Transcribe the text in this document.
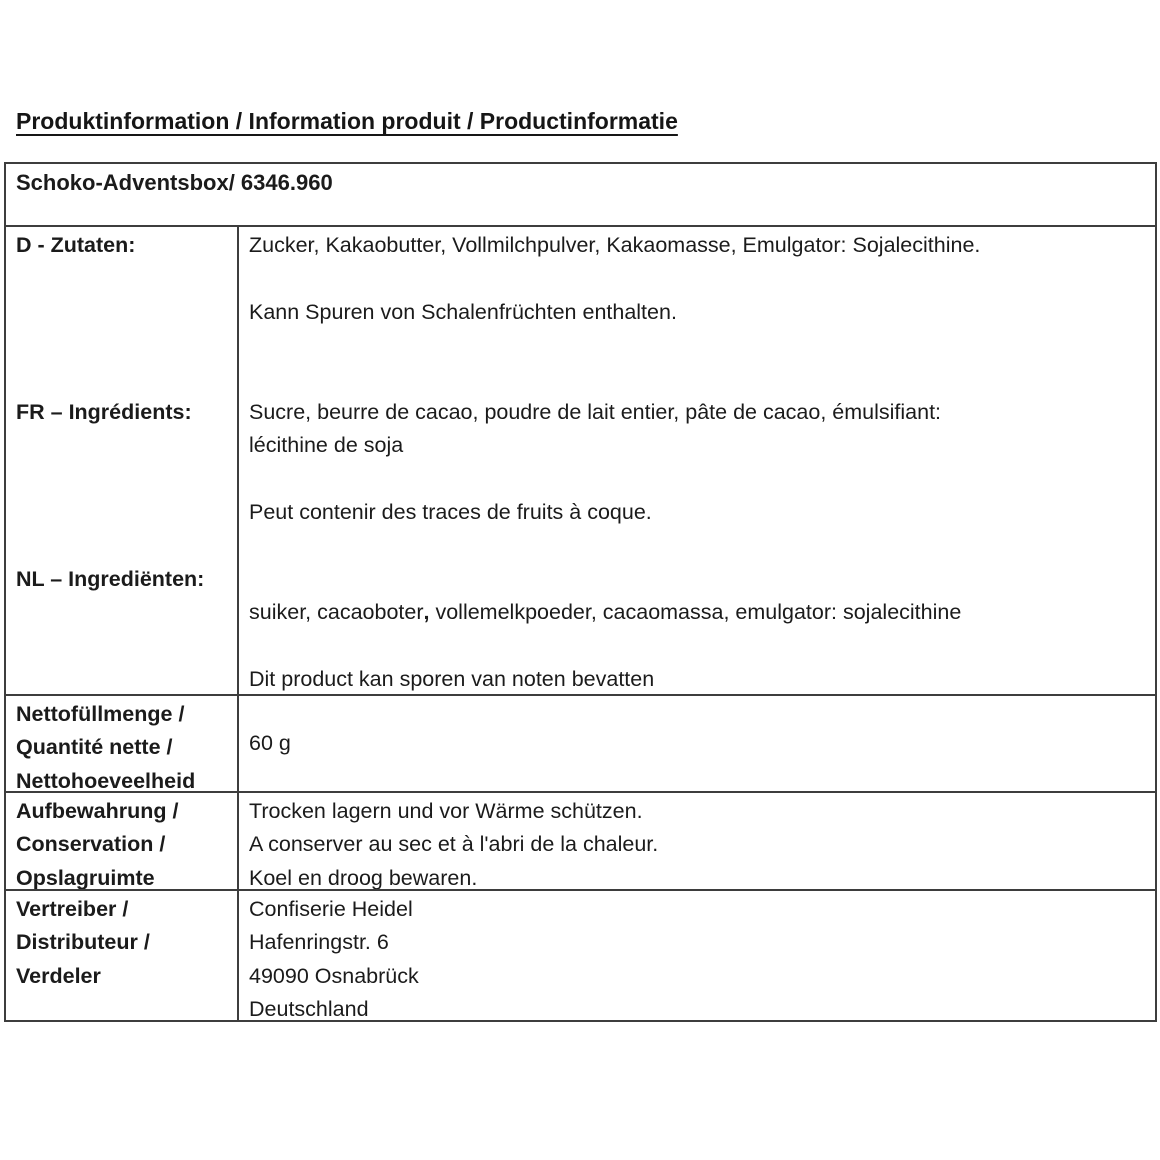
Produktinformation / Information produit / Productinformatie
Schoko-Adventsbox/ 6346.960
D - Zutaten:
FR – Ingrédients:
NL – Ingrediënten:
Zucker, Kakaobutter, Vollmilchpulver, Kakaomasse, Emulgator: Sojalecithine.
Kann Spuren von Schalenfrüchten enthalten.
Sucre, beurre de cacao, poudre de lait entier, pâte de cacao, émulsifiant:
lécithine de soja
Peut contenir des traces de fruits à coque.
suiker, cacaoboter, vollemelkpoeder, cacaomassa, emulgator: sojalecithine
Dit product kan sporen van noten bevatten
Nettofüllmenge /
Quantité nette /
Nettohoeveelheid
60 g
Aufbewahrung /
Conservation /
Opslagruimte
Trocken lagern und vor Wärme schützen.
A conserver au sec et à l'abri de la chaleur.
Koel en droog bewaren.
Vertreiber /
Distributeur /
Verdeler
Confiserie Heidel
Hafenringstr. 6
49090 Osnabrück
Deutschland
